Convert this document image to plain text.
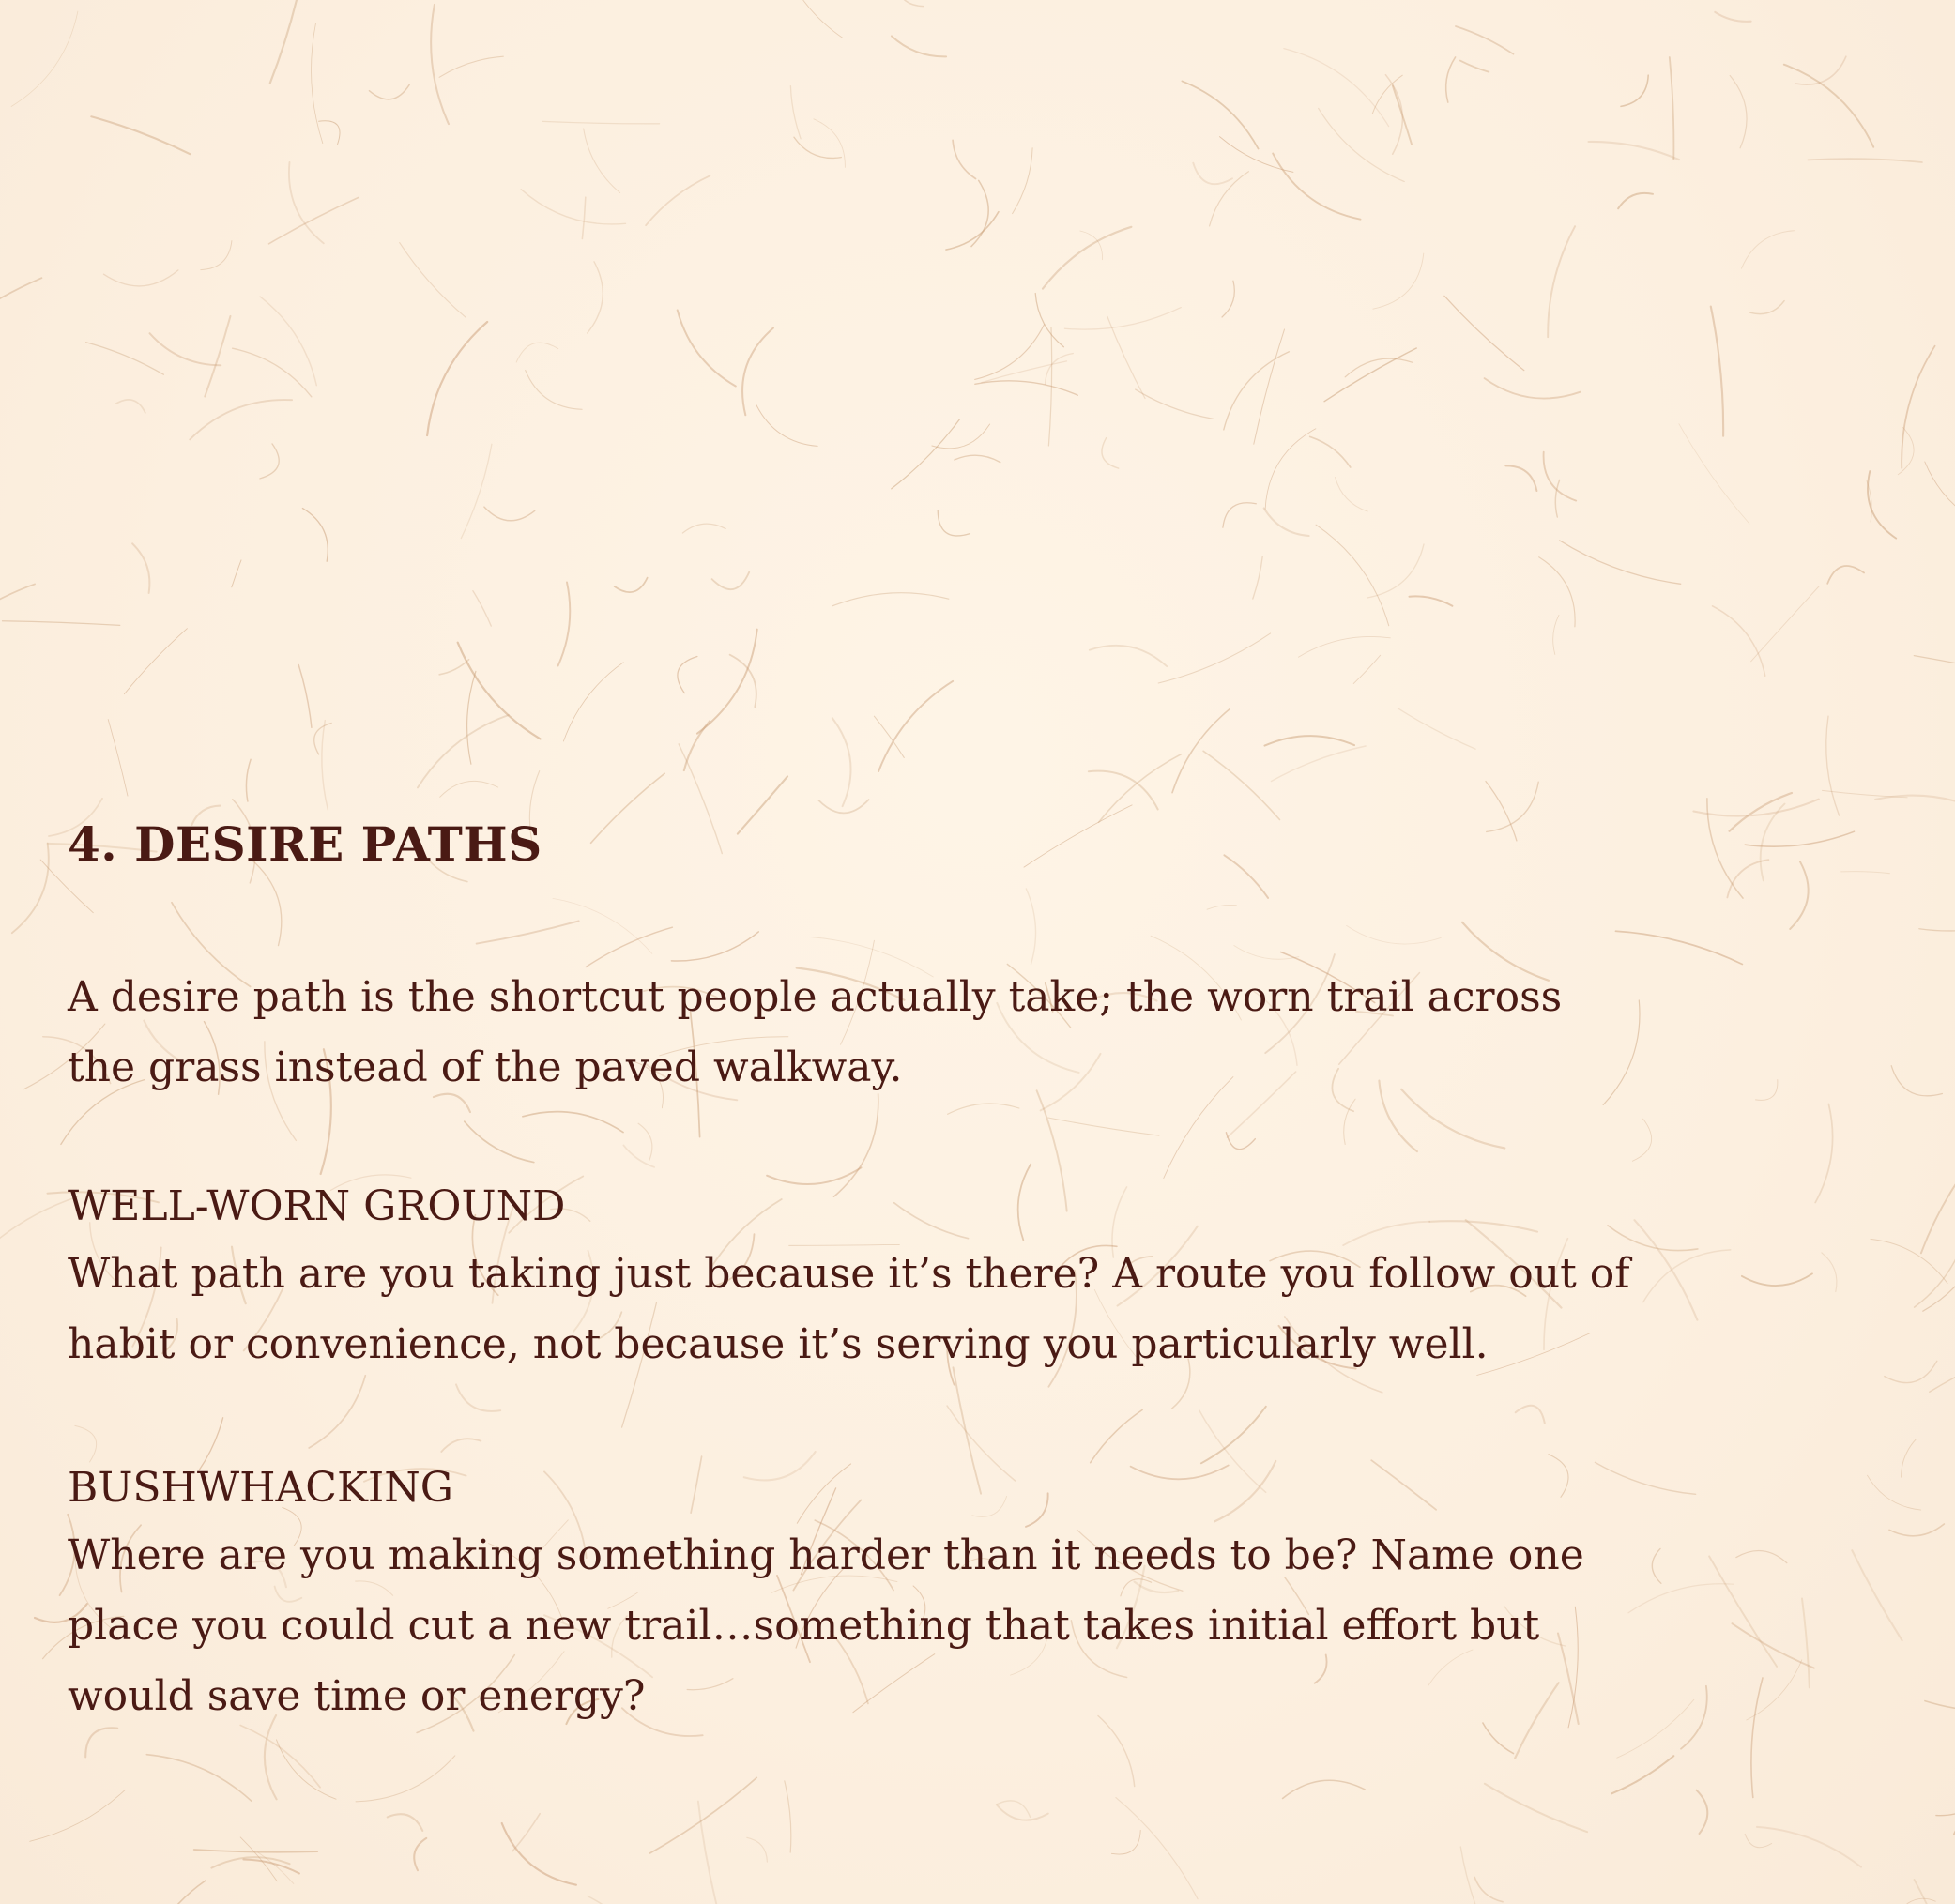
4. DESIRE PATHS

A desire path is the shortcut people actually take; the worn trail across
the grass instead of the paved walkway.

WELL-WORN GROUND

What path are you taking just because it’s there? A route you follow out of
habit or convenience, not because it’s serving you particularly well.

BUSHWHACKING

Where are you making something harder than it needs to be? Name one
place you could cut a new trail…something that takes initial effort but
would save time or energy?
